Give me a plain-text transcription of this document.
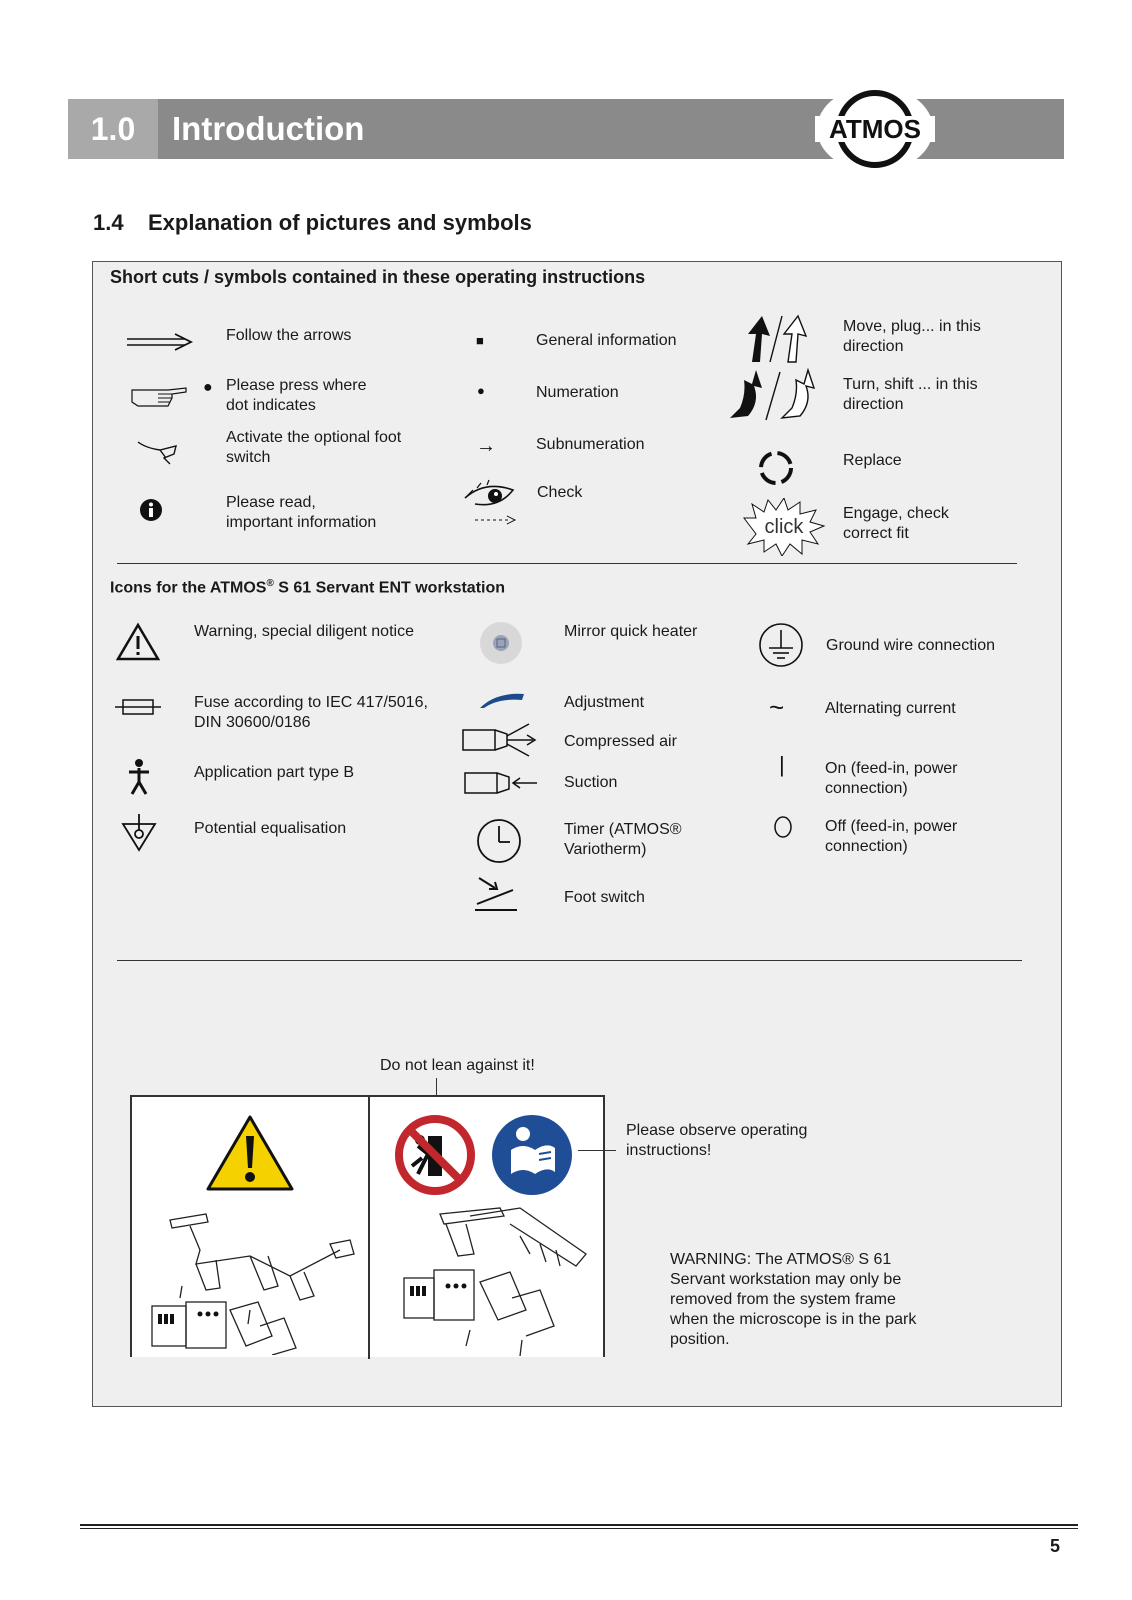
1.0	Introduction	ATMOS
1.4 Explanation of pictures and symbols
Short cuts / symbols contained in these operating instructions
●
Follow the arrows
Please press where
dot indicates
Activate the optional foot
switch
Please read,
important information
■
●
→
General information
Numeration
Subnumeration
Check
click
Move, plug... in this
direction
Turn, shift ... in this
direction
Replace
Engage, check
correct fit
Icons for the ATMOS® S 61 Servant ENT workstation
Warning, special diligent notice
Fuse according to IEC 417/5016,
DIN 30600/0186
Application part type B
Potential equalisation
Mirror quick heater
Adjustment
Compressed air
Suction
Timer (ATMOS®
Variotherm)
Foot switch
~
|
Ground wire connection
Alternating current
On (feed-in, power
connection)
Off (feed-in, power
connection)
Do not lean against it!
Please observe operating
instructions!
WARNING: The ATMOS® S 61
Servant workstation may only be
removed from the system frame
when the microscope is in the park
position.
5
